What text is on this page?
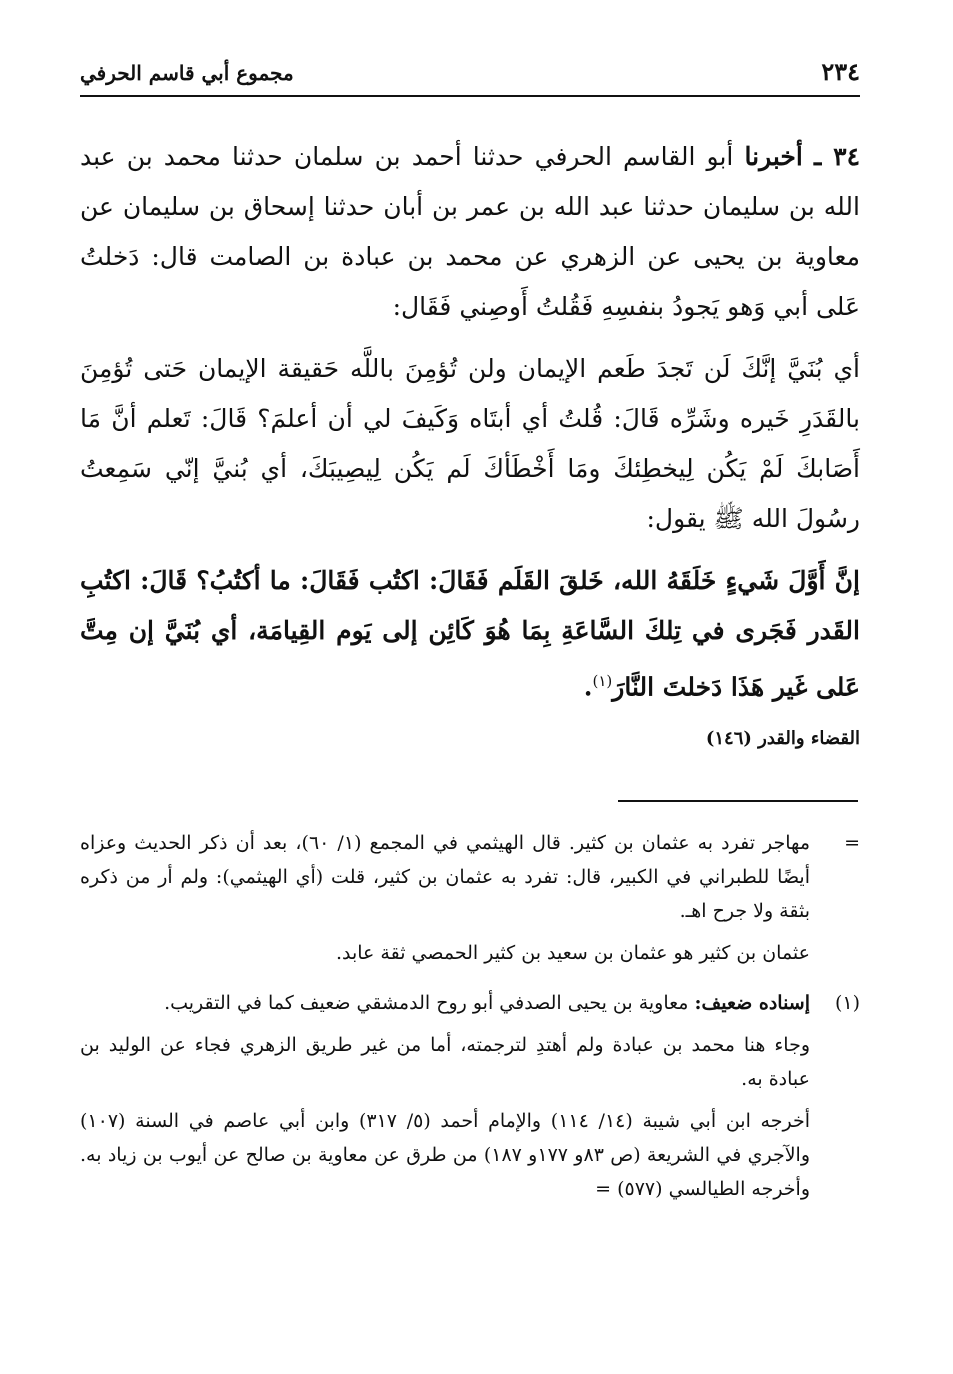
٢٣٤
مجموع أبي قاسم الحرفي

٣٤ ـ أخبرنا أبو القاسم الحرفي حدثنا أحمد بن سلمان حدثنا محمد بن عبد الله بن سليمان حدثنا عبد الله بن عمر بن أبان حدثنا إسحاق بن سليمان عن معاوية بن يحيى عن الزهري عن محمد بن عبادة بن الصامت قال: دَخلتُ عَلى أبي وَهو يَجودُ بنفسِهِ فَقُلتُ أَوصِني فَقَال:

أي بُنَيَّ إنَّكَ لَن تَجدَ طَعم الإيمان ولن تُؤمِنَ باللَّه حَقيقة الإيمان حَتى تُؤمِنَ بالقَدَرِ خَيره وشَرِّه قَالَ: قُلتُ أي أبتَاه وَكَيفَ لي أن أعلمَ؟ قَالَ: تَعلم أنَّ مَا أَصَابكَ لَمْ يَكُن لِيخطِئكَ ومَا أَخْطَأكَ لَم يَكُن لِيصِيبَكَ، أي بُنيَّ إنّي سَمِعتُ رسُولَ الله ﷺ يقول:

إنَّ أَوَّلَ شَيءٍ خَلَقَهُ الله، خَلقَ القَلَم فَقَالَ: اكتُب فَقَالَ: ما أكتُبُ؟ قَالَ: اكتُبِ القَدر فَجَرى في تِلكَ السَّاعَةِ بِمَا هُوَ كَائِن إلى يَوم القِيامَة، أي بُنَيَّ إن مِتَّ عَلى غَير هَذَا دَخلتَ النَّارَ$^{(١)}$.

القضاء والقدر (١٤٦)
=

مهاجر تفرد به عثمان بن كثير. قال الهيثمي في المجمع (١/ ٦٠)، بعد أن ذكر الحديث وعزاه أيضًا للطبراني في الكبير، قال: تفرد به عثمان بن كثير، قلت (أي الهيثمي): ولم أر من ذكره بثقة ولا جرح اهـ.

عثمان بن كثير هو عثمان بن سعيد بن كثير الحمصي ثقة عابد.

(١)

إسناده ضعيف: معاوية بن يحيى الصدفي أبو روح الدمشقي ضعيف كما في التقريب.

وجاء هنا محمد بن عبادة ولم أهتدِ لترجمته، أما من غير طريق الزهري فجاء عن الوليد بن عبادة به.

أخرجه ابن أبي شيبة (١٤/ ١١٤) والإمام أحمد (٥/ ٣١٧) وابن أبي عاصم في السنة (١٠٧) والآجري في الشريعة (ص ٨٣و ١٧٧و ١٨٧) من طرق عن معاوية بن صالح عن أيوب بن زياد به. وأخرجه الطيالسي (٥٧٧) =
